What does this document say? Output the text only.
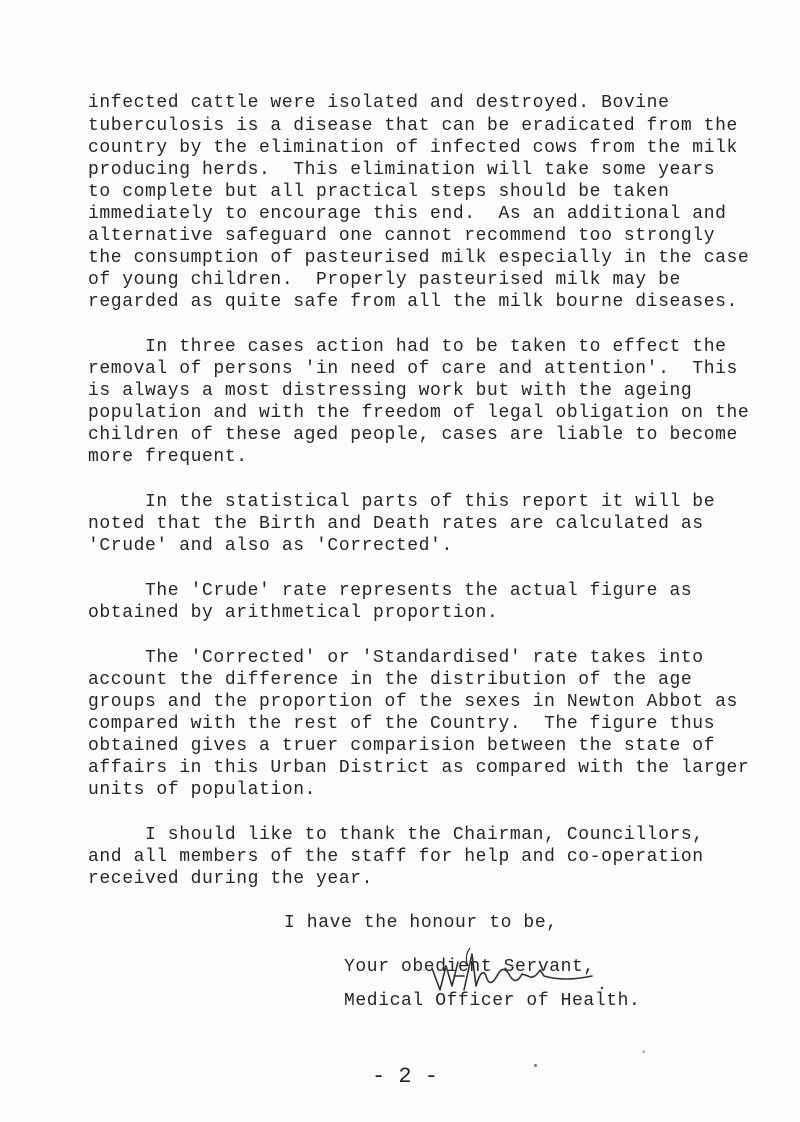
infected cattle were isolated and destroyed. Bovine
tuberculosis is a disease that can be eradicated from the
country by the elimination of infected cows from the milk
producing herds.  This elimination will take some years
to complete but all practical steps should be taken
immediately to encourage this end.  As an additional and
alternative safeguard one cannot recommend too strongly
the consumption of pasteurised milk especially in the case
of young children.  Properly pasteurised milk may be
regarded as quite safe from all the milk bourne diseases.
In three cases action had to be taken to effect the
removal of persons 'in need of care and attention'.  This
is always a most distressing work but with the ageing
population and with the freedom of legal obligation on the
children of these aged people, cases are liable to become
more frequent.
In the statistical parts of this report it will be
noted that the Birth and Death rates are calculated as
'Crude' and also as 'Corrected'.
The 'Crude' rate represents the actual figure as
obtained by arithmetical proportion.
The 'Corrected' or 'Standardised' rate takes into
account the difference in the distribution of the age
groups and the proportion of the sexes in Newton Abbot as
compared with the rest of the Country.  The figure thus
obtained gives a truer comparision between the state of
affairs in this Urban District as compared with the larger
units of population.
I should like to thank the Chairman, Councillors,
and all members of the staff for help and co-operation
received during the year.
I have the honour to be,
Your obedient Servant,
Medical Officer of Health.
- 2 -
